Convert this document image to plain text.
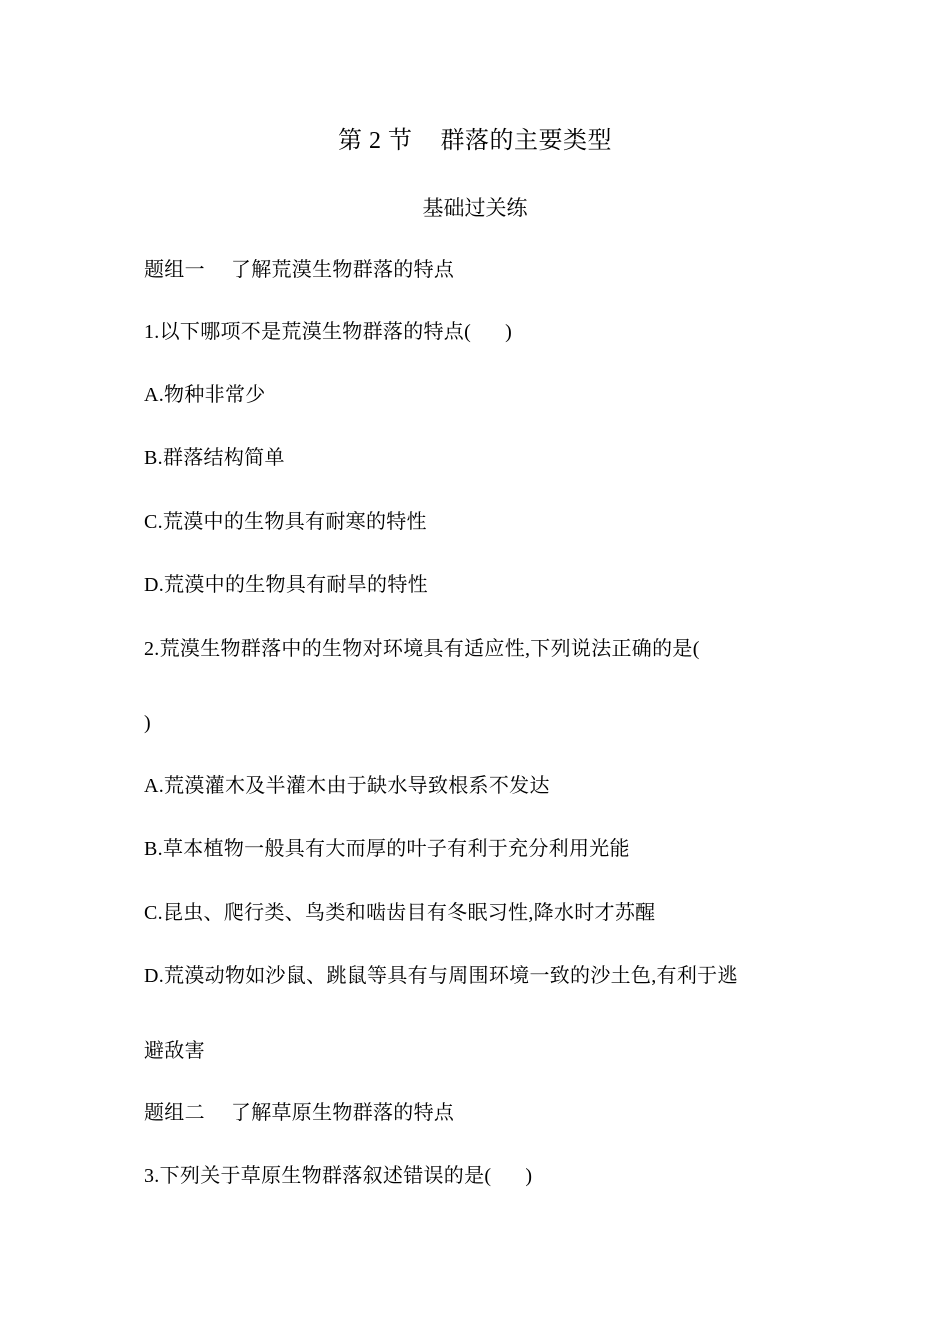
第 2 节 群落的主要类型
基础过关练
题组一 了解荒漠生物群落的特点
1.以下哪项不是荒漠生物群落的特点( )
A.物种非常少
B.群落结构简单
C.荒漠中的生物具有耐寒的特性
D.荒漠中的生物具有耐旱的特性
2.荒漠生物群落中的生物对环境具有适应性,下列说法正确的是(
)
A.荒漠灌木及半灌木由于缺水导致根系不发达
B.草本植物一般具有大而厚的叶子有利于充分利用光能
C.昆虫、爬行类、鸟类和啮齿目有冬眠习性,降水时才苏醒
D.荒漠动物如沙鼠、跳鼠等具有与周围环境一致的沙土色,有利于逃
避敌害
题组二 了解草原生物群落的特点
3.下列关于草原生物群落叙述错误的是( )
